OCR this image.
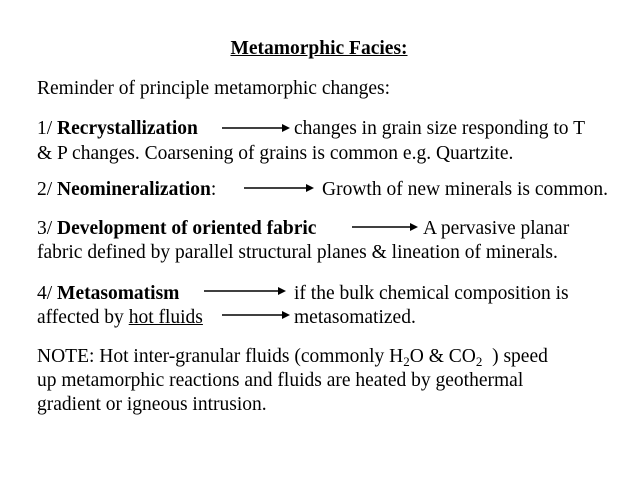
Metamorphic Facies:
Reminder of principle metamorphic changes:
1/ Recrystallization	changes in grain size responding to T
& P changes. Coarsening of grains is common e.g. Quartzite.
2/ Neomineralization:	Growth of new minerals is common.
3/ Development of oriented fabric	A pervasive planar
fabric defined by parallel structural planes & lineation of minerals.
4/ Metasomatism	if the bulk chemical composition is
affected by hot fluids	metasomatized.
NOTE: Hot inter-granular fluids (commonly $H_2O$ & $CO_2$  ) speed
up metamorphic reactions and fluids are heated by geothermal
gradient or igneous intrusion.
